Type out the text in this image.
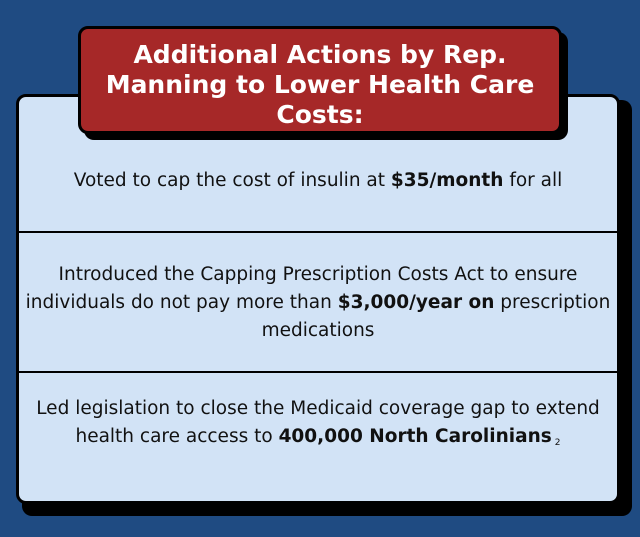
Voted to cap the cost of insulin at $35/month for all
Introduced the Capping Prescription Costs Act to ensure individuals do not pay more than $3,000/year on prescription medications
Led legislation to close the Medicaid coverage gap to extend health care access to 400,000 North Carolinians $_2$
Additional Actions by Rep. Manning to Lower Health Care Costs:
